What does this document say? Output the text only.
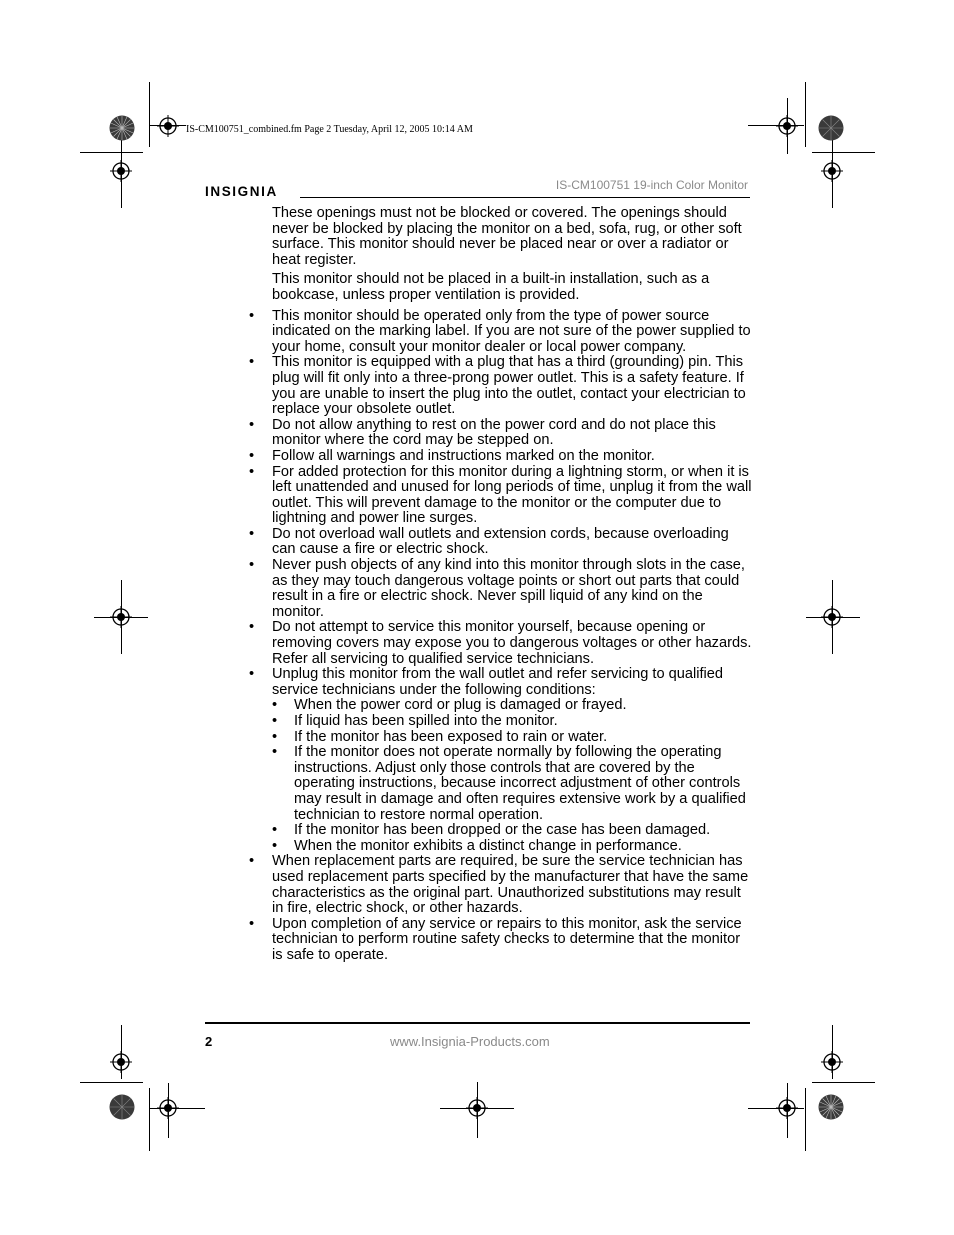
IS-CM100751_combined.fm Page 2 Tuesday, April 12, 2005 10:14 AM
INSIGNIA	IS-CM100751 19-inch Color Monitor

These openings must not be blocked or covered. The openings should never be blocked by placing the monitor on a bed, sofa, rug, or other soft surface. This monitor should never be placed near or over a radiator or heat register.

This monitor should not be placed in a built-in installation, such as a bookcase, unless proper ventilation is provided.

• This monitor should be operated only from the type of power source indicated on the marking label. If you are not sure of the power supplied to your home, consult your monitor dealer or local power company.
• This monitor is equipped with a plug that has a third (grounding) pin. This plug will fit only into a three-prong power outlet. This is a safety feature. If you are unable to insert the plug into the outlet, contact your electrician to replace your obsolete outlet.
• Do not allow anything to rest on the power cord and do not place this monitor where the cord may be stepped on.
• Follow all warnings and instructions marked on the monitor.
• For added protection for this monitor during a lightning storm, or when it is left unattended and unused for long periods of time, unplug it from the wall outlet. This will prevent damage to the monitor or the computer due to lightning and power line surges.
• Do not overload wall outlets and extension cords, because overloading can cause a fire or electric shock.
• Never push objects of any kind into this monitor through slots in the case, as they may touch dangerous voltage points or short out parts that could result in a fire or electric shock. Never spill liquid of any kind on the monitor.
• Do not attempt to service this monitor yourself, because opening or removing covers may expose you to dangerous voltages or other hazards. Refer all servicing to qualified service technicians.
• Unplug this monitor from the wall outlet and refer servicing to qualified service technicians under the following conditions:
• When the power cord or plug is damaged or frayed.
• If liquid has been spilled into the monitor.
• If the monitor has been exposed to rain or water.
• If the monitor does not operate normally by following the operating instructions. Adjust only those controls that are covered by the operating instructions, because incorrect adjustment of other controls may result in damage and often requires extensive work by a qualified technician to restore normal operation.
• If the monitor has been dropped or the case has been damaged.
• When the monitor exhibits a distinct change in performance.
• When replacement parts are required, be sure the service technician has used replacement parts specified by the manufacturer that have the same characteristics as the original part. Unauthorized substitutions may result in fire, electric shock, or other hazards.
• Upon completion of any service or repairs to this monitor, ask the service technician to perform routine safety checks to determine that the monitor is safe to operate.
2	www.Insignia-Products.com
